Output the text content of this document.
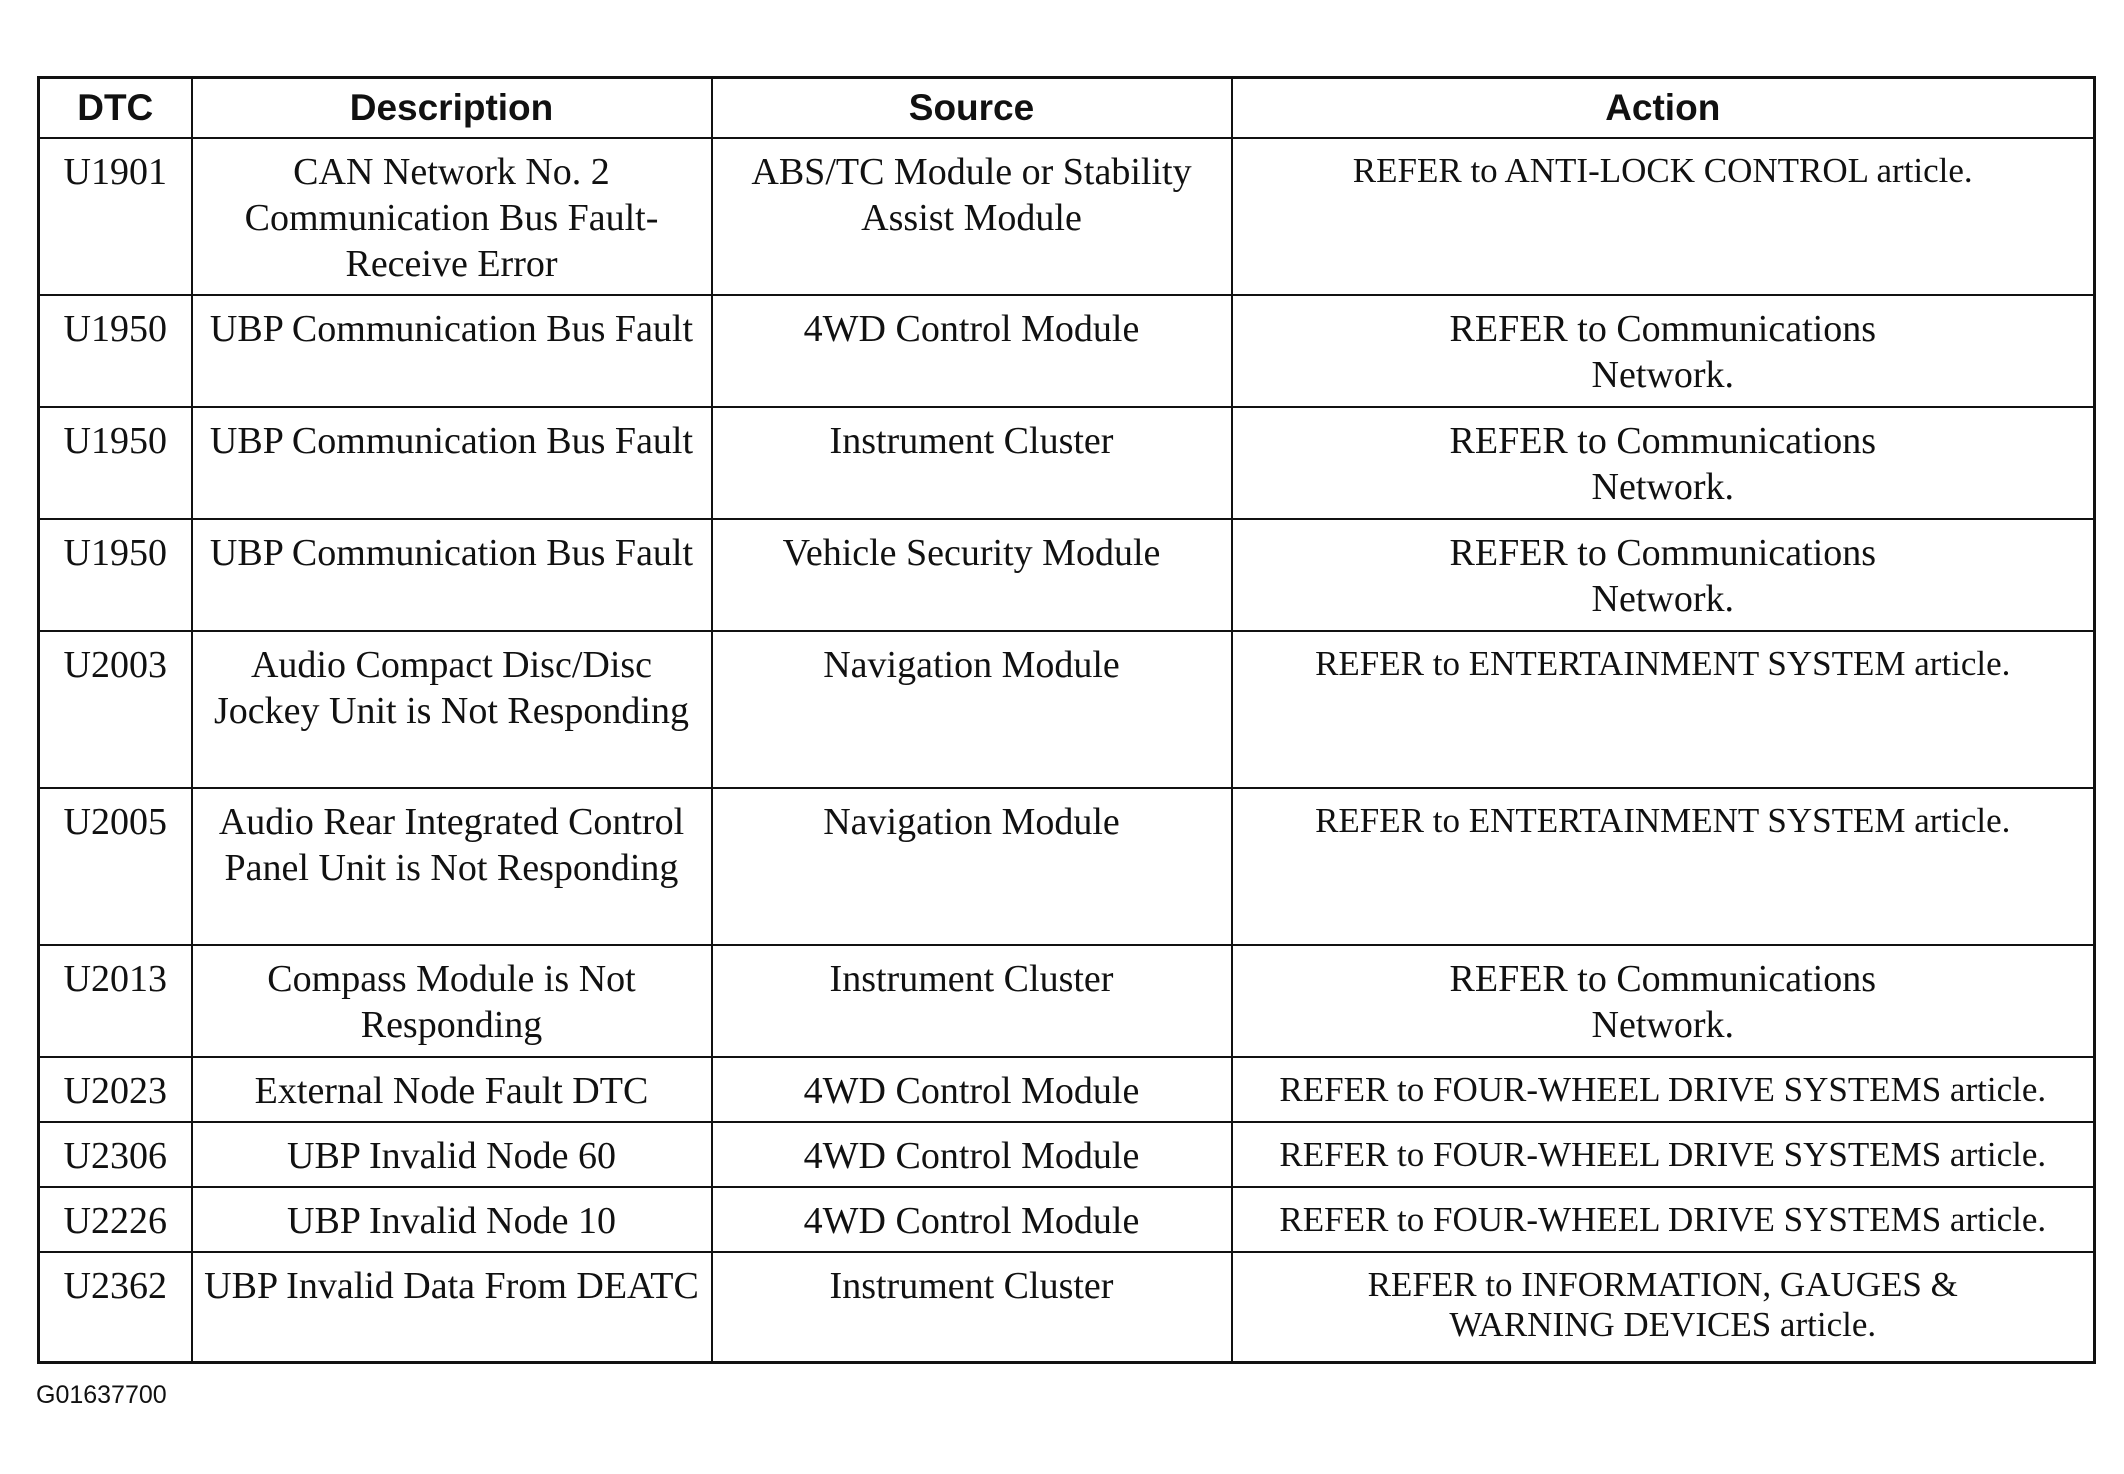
DTC	Description	Source	Action
U1901	CAN Network No. 2 Communication Bus Fault-Receive Error	ABS/TC Module or Stability Assist Module	REFER to ANTI-LOCK CONTROL article.
U1950	UBP Communication Bus Fault	4WD Control Module	REFER to Communications Network.
U1950	UBP Communication Bus Fault	Instrument Cluster	REFER to Communications Network.
U1950	UBP Communication Bus Fault	Vehicle Security Module	REFER to Communications Network.
U2003	Audio Compact Disc/Disc Jockey Unit is Not Responding	Navigation Module	REFER to ENTERTAINMENT SYSTEM article.
U2005	Audio Rear Integrated Control Panel Unit is Not Responding	Navigation Module	REFER to ENTERTAINMENT SYSTEM article.
U2013	Compass Module is Not Responding	Instrument Cluster	REFER to Communications Network.
U2023	External Node Fault DTC	4WD Control Module	REFER to FOUR-WHEEL DRIVE SYSTEMS article.
U2306	UBP Invalid Node 60	4WD Control Module	REFER to FOUR-WHEEL DRIVE SYSTEMS article.
U2226	UBP Invalid Node 10	4WD Control Module	REFER to FOUR-WHEEL DRIVE SYSTEMS article.
U2362	UBP Invalid Data From DEATC	Instrument Cluster	REFER to INFORMATION, GAUGES & WARNING DEVICES article.
G01637700
